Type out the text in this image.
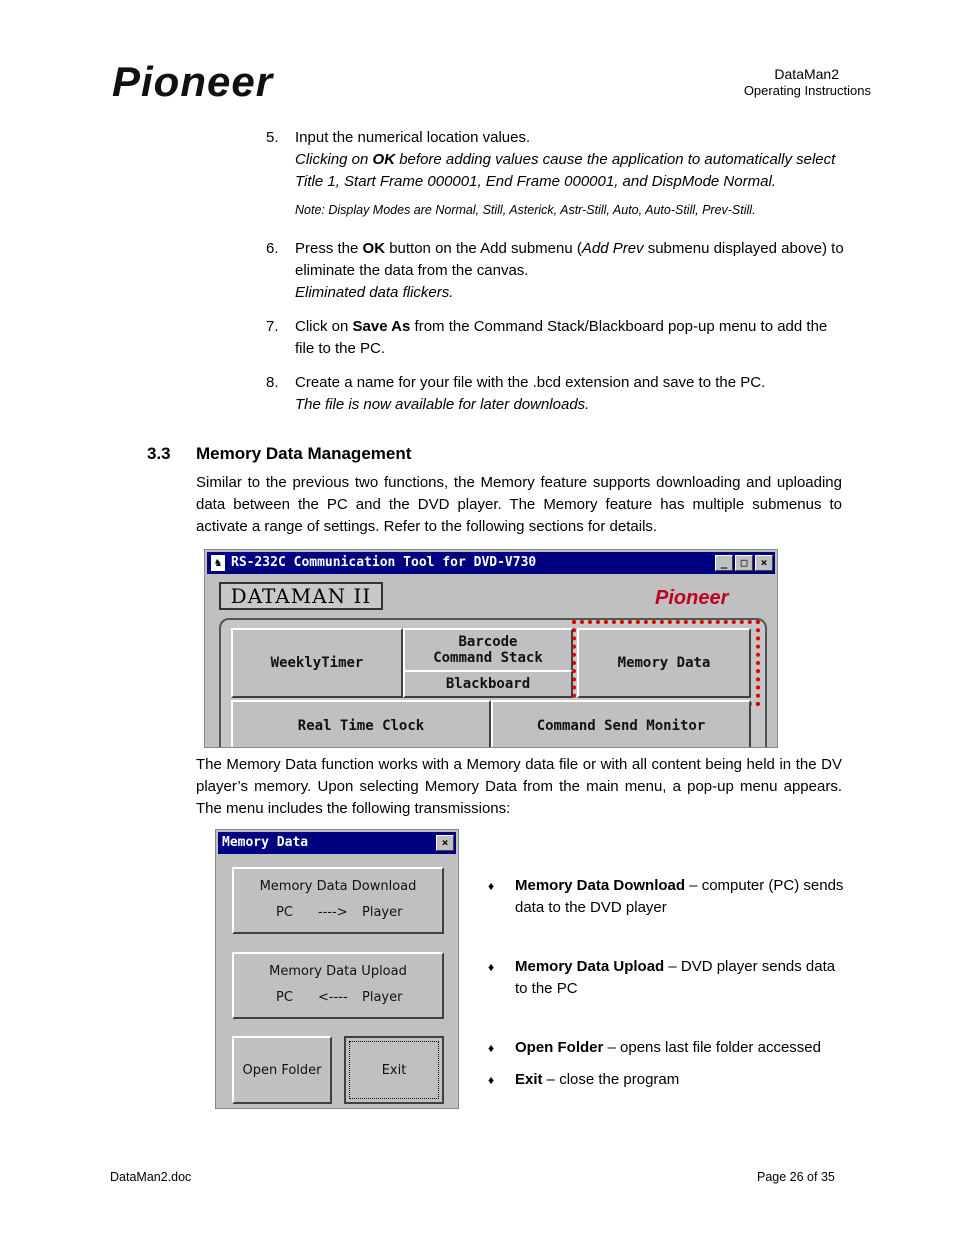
Pioneer	DataMan2
Operating Instructions
5. Input the numerical location values.
Clicking on OK before adding values cause the application to automatically select Title 1, Start Frame 000001, End Frame 000001, and DispMode Normal.
Note: Display Modes are Normal, Still, Asterick, Astr-Still, Auto, Auto-Still, Prev-Still.
6. Press the OK button on the Add submenu (Add Prev submenu displayed above) to eliminate the data from the canvas.
Eliminated data flickers.
7. Click on Save As from the Command Stack/Blackboard pop-up menu to add the file to the PC.
8. Create a name for your file with the .bcd extension and save to the PC.
The file is now available for later downloads.
3.3 Memory Data Management
Similar to the previous two functions, the Memory feature supports downloading and uploading data between the PC and the DVD player. The Memory feature has multiple submenus to activate a range of settings. Refer to the following sections for details.
♞ RS-232C Communication Tool for DVD-V730	_	□	×
DATAMAN II	Pioneer
WeeklyTimer
Barcode
Command Stack
Blackboard
Memory Data
Real Time Clock	Command Send Monitor
The Memory Data function works with a Memory data file or with all content being held in the DV player’s memory. Upon selecting Memory Data from the main menu, a pop-up menu appears. The menu includes the following transmissions:
Memory Data	×
Memory Data Download
PC ----> Player
Memory Data Upload
PC <---- Player
Open Folder	Exit
♦ Memory Data Download – computer (PC) sends data to the DVD player
♦ Memory Data Upload – DVD player sends data to the PC
♦ Open Folder – opens last file folder accessed
♦ Exit – close the program
DataMan2.doc	Page 26 of 35
